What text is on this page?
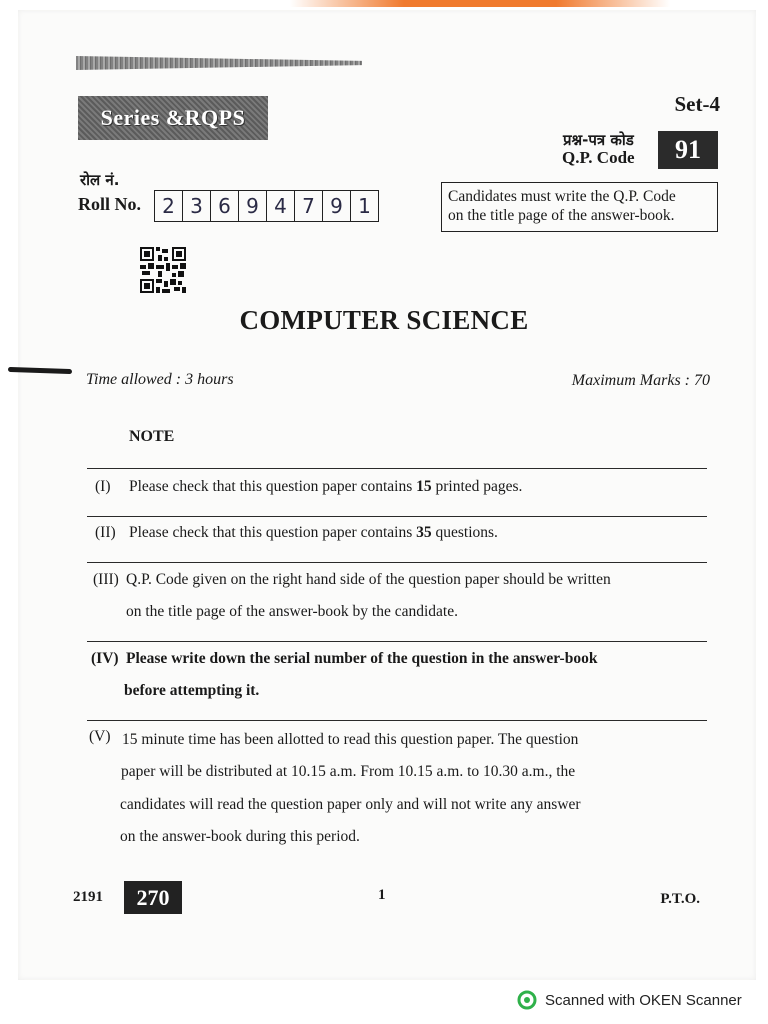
Series &RQPS
Set-4
प्रश्न-पत्र कोड
Q.P. Code	91
रोल नं.
Roll No.	2 3 6 9 4 7 9 1	Candidates must write the Q.P. Code
on the title page of the answer-book.
COMPUTER SCIENCE
Time allowed : 3 hours	Maximum Marks : 70
NOTE
(I) Please check that this question paper contains 15 printed pages.
(II) Please check that this question paper contains 35 questions.
(III) Q.P. Code given on the right hand side of the question paper should be written
on the title page of the answer-book by the candidate.
(IV) Please write down the serial number of the question in the answer-book
before attempting it.
(V) 15 minute time has been allotted to read this question paper. The question
paper will be distributed at 10.15 a.m. From 10.15 a.m. to 10.30 a.m., the
candidates will read the question paper only and will not write any answer
on the answer-book during this period.
2191	270	1	P.T.O.
Scanned with OKEN Scanner
